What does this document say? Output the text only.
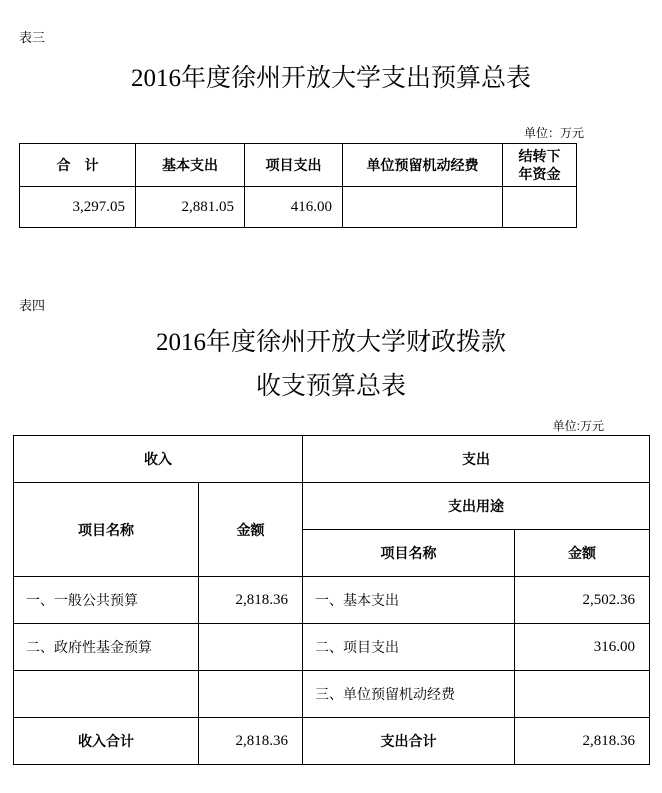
表三
2016年度徐州开放大学支出预算总表
单位：万元
合　计	基本支出	项目支出	单位预留机动经费	结转下
年资金

3,297.05	2,881.05	416.00		
表四
2016年度徐州开放大学财政拨款
收支预算总表
单位:万元
收入		支出	
项目名称	金额	支出用途	
		项目名称	金额
一、一般公共预算	2,818.36	一、基本支出	2,502.36
二、政府性基金预算		二、项目支出	316.00
		三、单位预留机动经费	
收入合计	2,818.36	支出合计	2,818.36
